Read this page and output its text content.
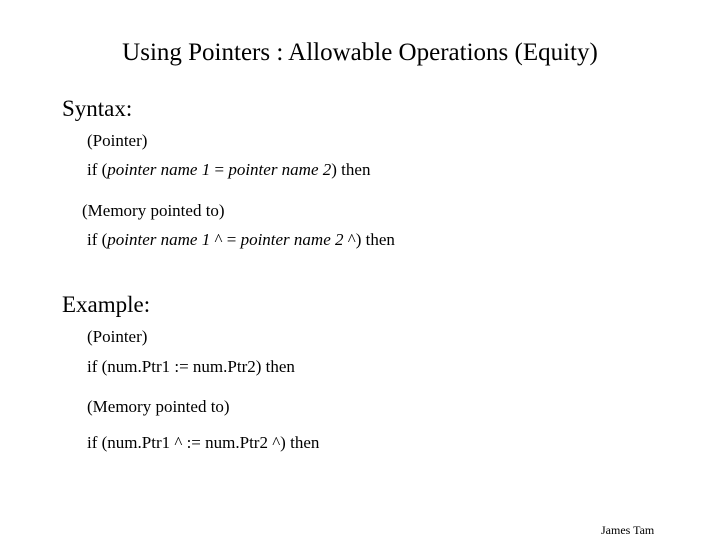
Using Pointers : Allowable Operations (Equity)
Syntax:
(Pointer)
if (pointer name 1 = pointer name 2) then
(Memory pointed to)
if (pointer name 1 ^ = pointer name 2 ^) then
Example:
(Pointer)
if (num.Ptr1 := num.Ptr2) then
(Memory pointed to)
if (num.Ptr1 ^ := num.Ptr2 ^) then
James Tam
